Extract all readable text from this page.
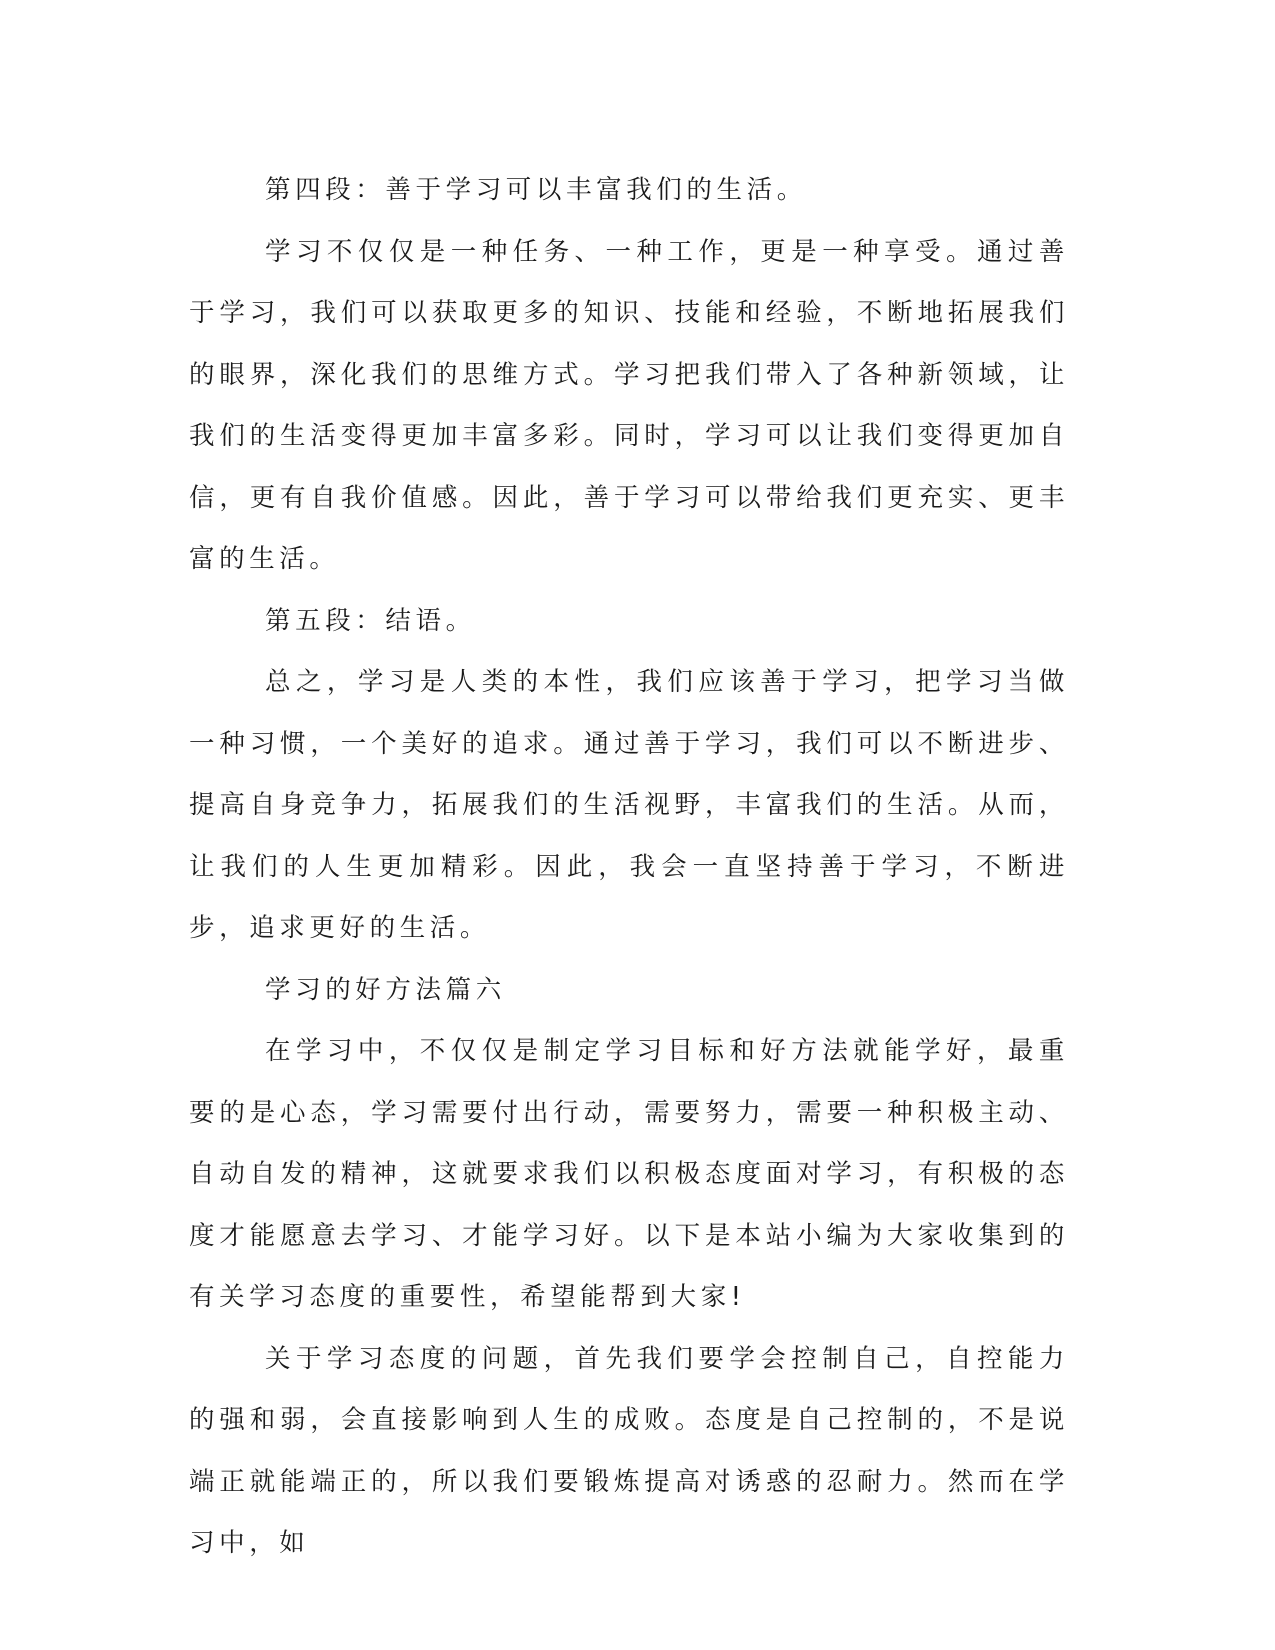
第四段：善于学习可以丰富我们的生活。

学习不仅仅是一种任务、一种工作，更是一种享受。通过善于学习，我们可以获取更多的知识、技能和经验，不断地拓展我们的眼界，深化我们的思维方式。学习把我们带入了各种新领域，让我们的生活变得更加丰富多彩。同时，学习可以让我们变得更加自信，更有自我价值感。因此，善于学习可以带给我们更充实、更丰富的生活。

第五段：结语。

总之，学习是人类的本性，我们应该善于学习，把学习当做一种习惯，一个美好的追求。通过善于学习，我们可以不断进步、提高自身竞争力，拓展我们的生活视野，丰富我们的生活。从而，让我们的人生更加精彩。因此，我会一直坚持善于学习，不断进步，追求更好的生活。

学习的好方法篇六

在学习中，不仅仅是制定学习目标和好方法就能学好，最重要的是心态，学习需要付出行动，需要努力，需要一种积极主动、自动自发的精神，这就要求我们以积极态度面对学习，有积极的态度才能愿意去学习、才能学习好。以下是本站小编为大家收集到的有关学习态度的重要性，希望能帮到大家!

关于学习态度的问题，首先我们要学会控制自己，自控能力的强和弱，会直接影响到人生的成败。态度是自己控制的，不是说端正就能端正的，所以我们要锻炼提高对诱惑的忍耐力。然而在学习中，如
